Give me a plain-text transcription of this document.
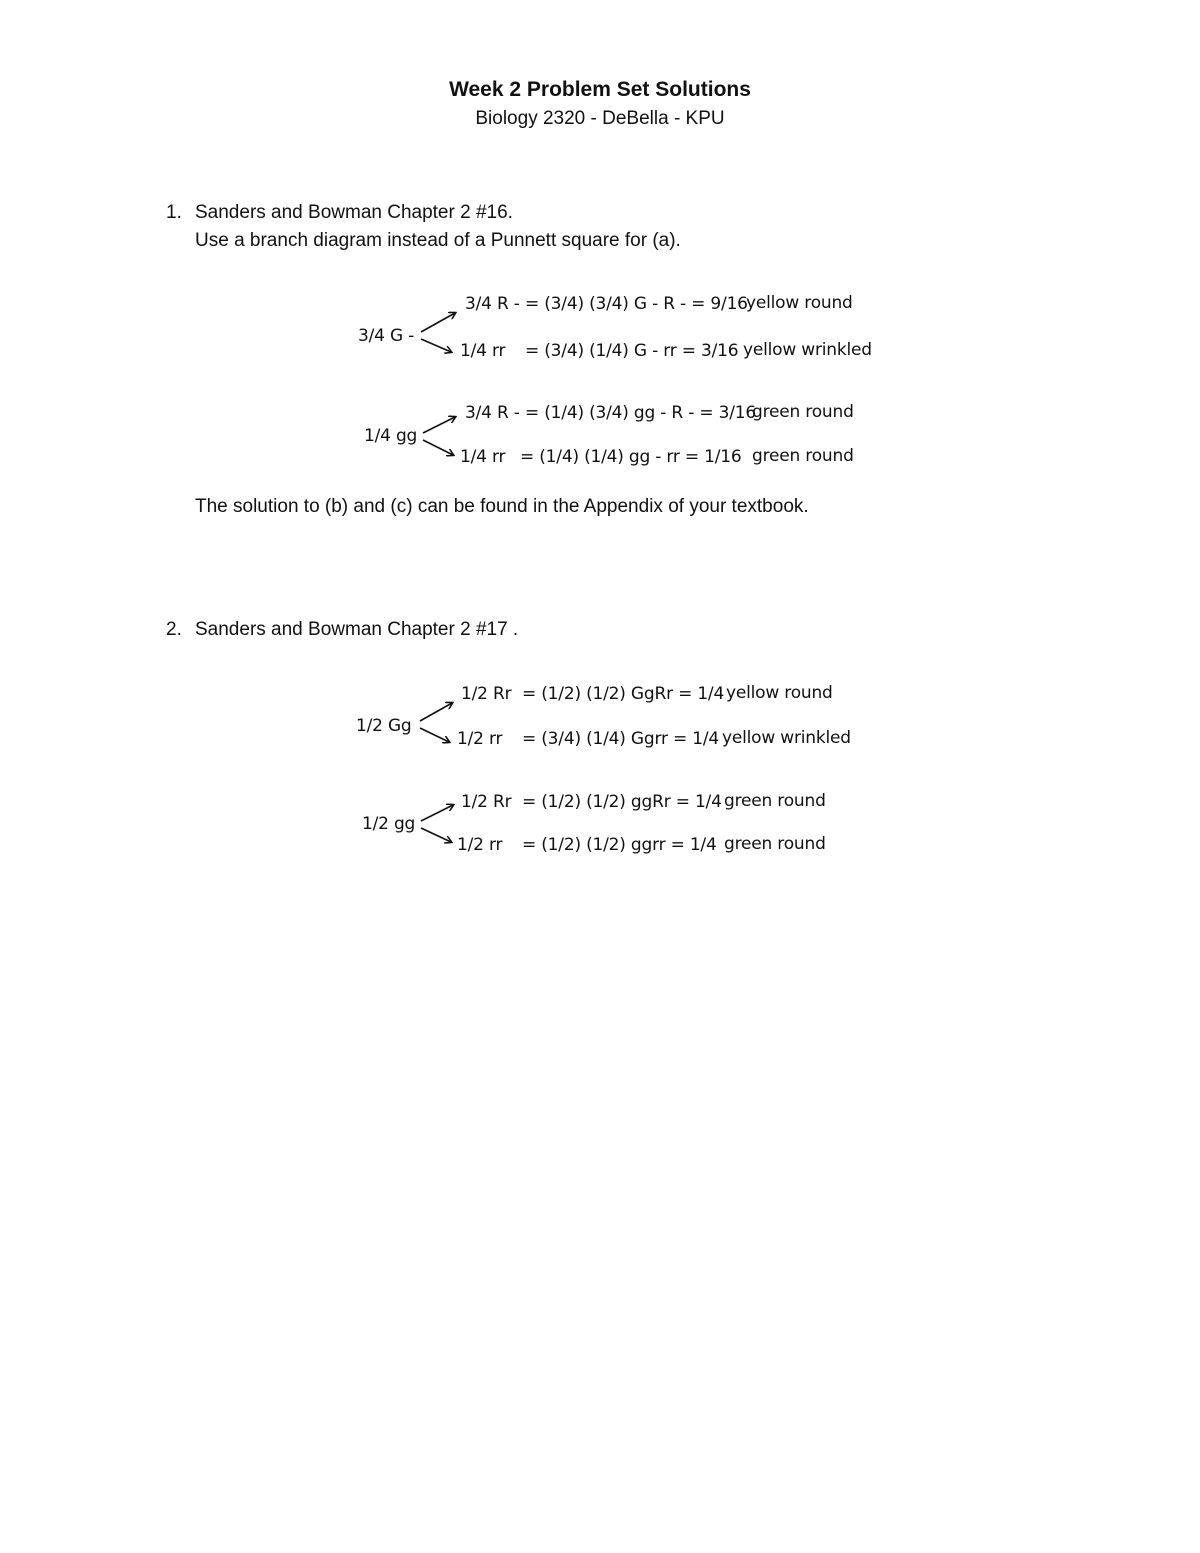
Week 2 Problem Set Solutions
Biology 2320 - DeBella - KPU
1. Sanders and Bowman Chapter 2 #16.
Use a branch diagram instead of a Punnett square for (a).
3/4 G -
3/4 R - = (3/4) (3/4) G - R - = 9/16
yellow round
1/4 rr = (3/4) (1/4) G - rr = 3/16 yellow wrinkled
1/4 gg
3/4 R - = (1/4) (3/4) gg - R - = 3/16
green round
1/4 rr = (1/4) (1/4) gg - rr = 1/16 green round
The solution to (b) and (c) can be found in the Appendix of your textbook.
2. Sanders and Bowman Chapter 2 #17 .
1/2 Gg
1/2 Rr = (1/2) (1/2) GgRr = 1/4 yellow round
1/2 rr = (3/4) (1/4) Ggrr = 1/4 yellow wrinkled
1/2 gg
1/2 Rr = (1/2) (1/2) ggRr = 1/4 green round
1/2 rr = (1/2) (1/2) ggrr = 1/4 green round
